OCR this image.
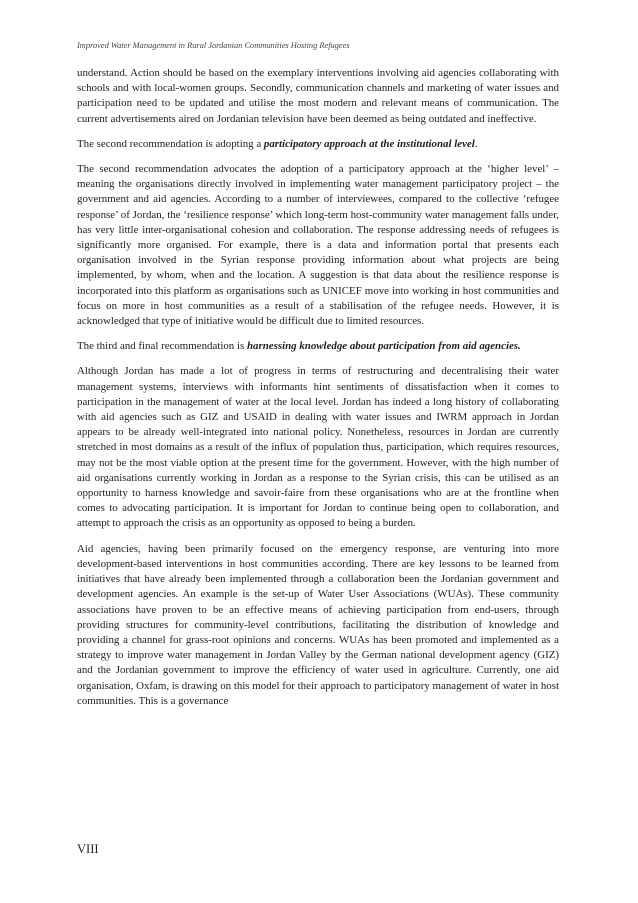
Improved Water Management in Rural Jordanian Communities Hosting Refugees

understand. Action should be based on the exemplary interventions involving aid agencies collaborating with schools and with local-women groups. Secondly, communication channels and marketing of water issues and participation need to be updated and utilise the most modern and relevant means of communication. The current advertisements aired on Jordanian television have been deemed as being outdated and ineffective.

The second recommendation is adopting a participatory approach at the institutional level.

The second recommendation advocates the adoption of a participatory approach at the ‘higher level’ – meaning the organisations directly involved in implementing water management participatory project – the government and aid agencies. According to a number of interviewees, compared to the collective ‘refugee response’ of Jordan, the ‘resilience response’ which long-term host-community water management falls under, has very little inter-organisational cohesion and collaboration. The response addressing needs of refugees is significantly more organised. For example, there is a data and information portal that presents each organisation involved in the Syrian response providing information about what projects are being implemented, by whom, when and the location. A suggestion is that data about the resilience response is incorporated into this platform as organisations such as UNICEF move into working in host communities and focus on more in host communities as a result of a stabilisation of the refugee needs. However, it is acknowledged that type of initiative would be difficult due to limited resources.

The third and final recommendation is harnessing knowledge about participation from aid agencies.

Although Jordan has made a lot of progress in terms of restructuring and decentralising their water management systems, interviews with informants hint sentiments of dissatisfaction when it comes to participation in the management of water at the local level. Jordan has indeed a long history of collaborating with aid agencies such as GIZ and USAID in dealing with water issues and IWRM approach in Jordan appears to be already well-integrated into national policy. Nonetheless, resources in Jordan are currently stretched in most domains as a result of the influx of population thus, participation, which requires resources, may not be the most viable option at the present time for the government. However, with the high number of aid organisations currently working in Jordan as a response to the Syrian crisis, this can be utilised as an opportunity to harness knowledge and savoir-faire from these organisations who are at the frontline when comes to advocating participation. It is important for Jordan to continue being open to collaboration, and attempt to approach the crisis as an opportunity as opposed to being a burden.

Aid agencies, having been primarily focused on the emergency response, are venturing into more development-based interventions in host communities according. There are key lessons to be learned from initiatives that have already been implemented through a collaboration been the Jordanian government and development agencies. An example is the set-up of Water User Associations (WUAs). These community associations have proven to be an effective means of achieving participation from end-users, through providing structures for community-level contributions, facilitating the distribution of knowledge and providing a channel for grass-root opinions and concerns. WUAs has been promoted and implemented as a strategy to improve water management in Jordan Valley by the German national development agency (GIZ) and the Jordanian government to improve the efficiency of water used in agriculture. Currently, one aid organisation, Oxfam, is drawing on this model for their approach to participatory management of water in host communities. This is a governance

VIII
